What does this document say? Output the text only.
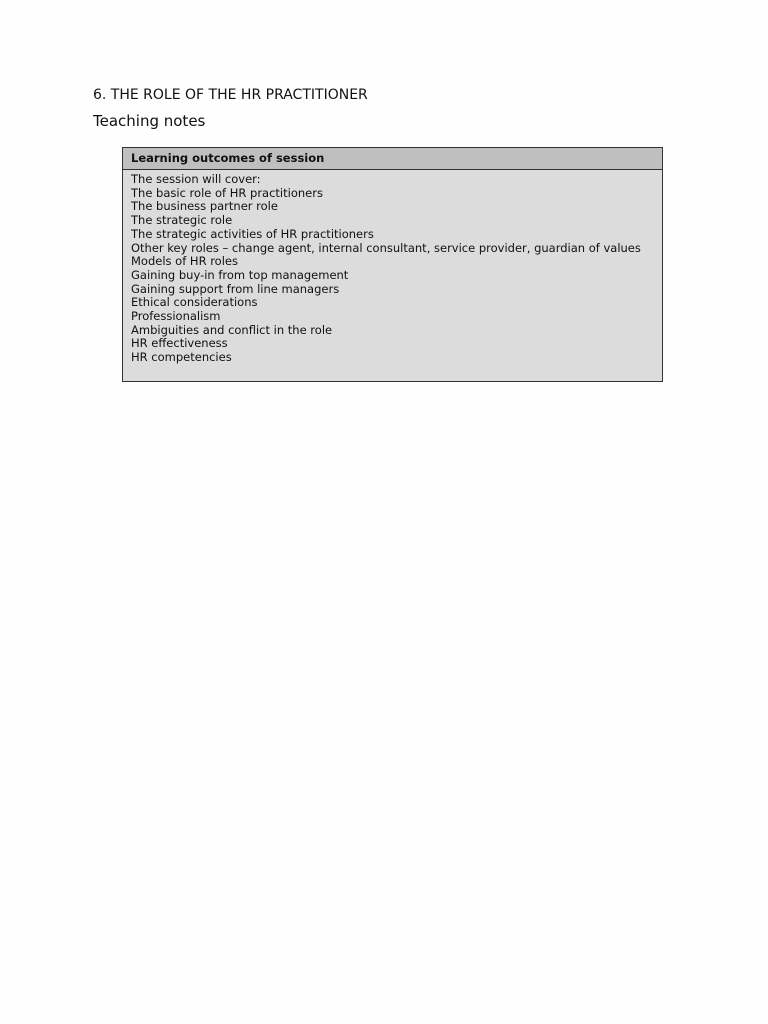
6. THE ROLE OF THE HR PRACTITIONER
Teaching notes
Learning outcomes of session
The session will cover:
The basic role of HR practitioners
The business partner role
The strategic role
The strategic activities of HR practitioners
Other key roles – change agent, internal consultant, service provider, guardian of values
Models of HR roles
Gaining buy-in from top management
Gaining support from line managers
Ethical considerations
Professionalism
Ambiguities and conflict in the role
HR effectiveness
HR competencies
